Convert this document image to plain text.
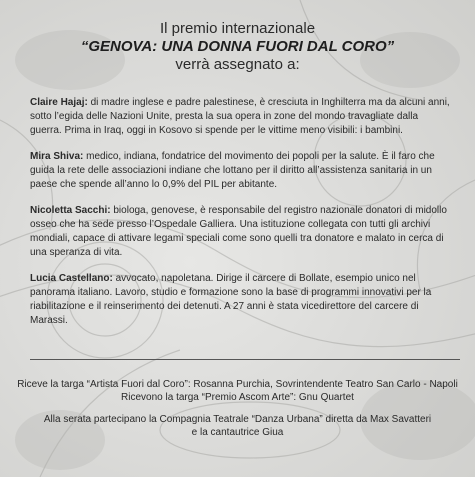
Il premio internazionale
“GENOVA: UNA DONNA FUORI DAL CORO”
verrà assegnato a:

Claire Hajaj: di madre inglese e padre palestinese, è cresciuta in Inghilterra ma da alcuni anni, sotto l’egida delle Nazioni Unite, presta la sua opera in zone del mondo travagliate dalla guerra. Prima in Iraq, oggi in Kosovo si spende per le vittime meno visibili: i bambini.

Mira Shiva: medico, indiana, fondatrice del movimento dei popoli per la salute. È il faro che guida la rete delle associazioni indiane che lottano per il diritto all’assistenza sanitaria in un paese che spende all’anno lo 0,9% del PIL per abitante.

Nicoletta Sacchi: biologa, genovese, è responsabile del registro nazionale donatori di midollo osseo che ha sede presso l’Ospedale Galliera. Una istituzione collegata con tutti gli archivi mondiali, capace di attivare legami speciali come sono quelli tra donatore e malato in cerca di una speranza di vita.

Lucia Castellano: avvocato, napoletana. Dirige il carcere di Bollate, esempio unico nel panorama italiano. Lavoro, studio e formazione sono la base di programmi innovativi per la riabilitazione e il reinserimento dei detenuti. A 27 anni è stata vicedirettore del carcere di Marassi.

Riceve la targa “Artista Fuori dal Coro”: Rosanna Purchia, Sovrintendente Teatro San Carlo - Napoli
Ricevono la targa “Premio Ascom Arte”: Gnu Quartet
Alla serata partecipano la Compagnia Teatrale “Danza Urbana” diretta da Max Savatteri
e la cantautrice Giua
